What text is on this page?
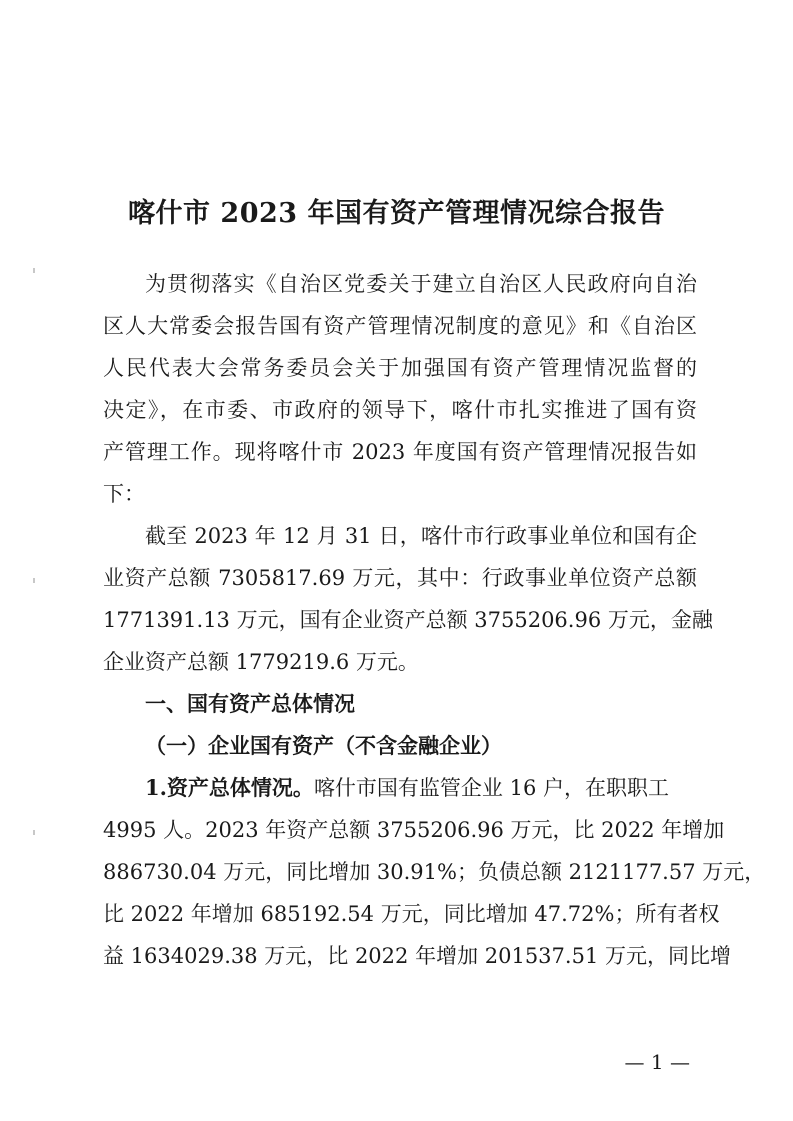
喀什市 2023 年国有资产管理情况综合报告
为贯彻落实《自治区党委关于建立自治区人民政府向自治
区人大常委会报告国有资产管理情况制度的意见》和《自治区
人民代表大会常务委员会关于加强国有资产管理情况监督的
决定》，在市委、市政府的领导下，喀什市扎实推进了国有资
产管理工作。现将喀什市 2023 年度国有资产管理情况报告如
下：
截至 2023 年 12 月 31 日，喀什市行政事业单位和国有企
业资产总额 7305817.69 万元，其中：行政事业单位资产总额
1771391.13 万元，国有企业资产总额 3755206.96 万元，金融
企业资产总额 1779219.6 万元。
一、国有资产总体情况
（一）企业国有资产（不含金融企业）
1.资产总体情况。喀什市国有监管企业 16 户，在职职工
4995 人。2023 年资产总额 3755206.96 万元，比 2022 年增加
886730.04 万元，同比增加 30.91%；负债总额 2121177.57 万元，
比 2022 年增加 685192.54 万元，同比增加 47.72%；所有者权
益 1634029.38 万元，比 2022 年增加 201537.51 万元，同比增
— 1 —
